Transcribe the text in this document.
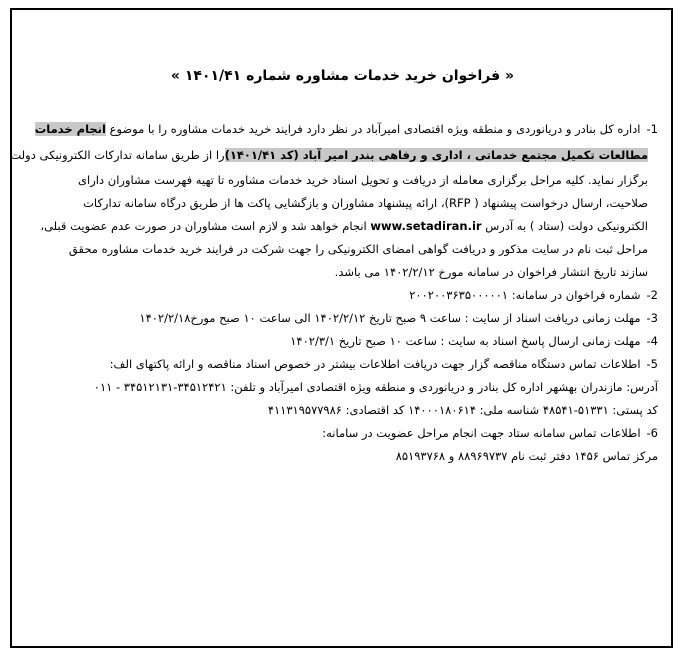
« فراخوان خرید خدمات مشاوره شماره ۱۴۰۱/۴۱ »
1-اداره کل بنادر و دریانوردی و منطقه ویژه اقتصادی امیرآباد در نظر دارد فرایند خرید خدمات مشاوره را با موضوع انجام خدمات
مطالعات تکمیل مجتمع خدماتی ، اداری و رفاهی بندر امیر آباد (کد ۱۴۰۱/۴۱)را از طریق سامانه تدارکات الکترونیکی دولت
برگزار نماید. کلیه مراحل برگزاری معامله از دریافت و تحویل اسناد خرید خدمات مشاوره تا تهیه فهرست مشاوران دارای
صلاحیت، ارسال درخواست پیشنهاد ( RFP)، ارائه پیشنهاد مشاوران و بازگشایی پاکت ها از طریق درگاه سامانه تدارکات
الکترونیکی دولت (ستاد ) به آدرس www.setadiran.ir انجام خواهد شد و لازم است مشاوران در صورت عدم عضویت قبلی،
مراحل ثبت نام در سایت مذکور و دریافت گواهی امضای الکترونیکی را جهت شرکت در فرایند خرید خدمات مشاوره محقق
سازند تاریخ انتشار فراخوان در سامانه مورخ ۱۴۰۲/۲/۱۲ می باشد.
2-شماره فراخوان در سامانه: ۲۰۰۲۰۰۳۶۳۵۰۰۰۰۰۱
3-مهلت زمانی دریافت اسناد از سایت : ساعت ۹ صبح تاریخ ۱۴۰۲/۲/۱۲ الی ساعت ۱۰ صبح مورخ۱۴۰۲/۲/۱۸
4-مهلت زمانی ارسال پاسخ اسناد به سایت : ساعت ۱۰ صبح تاریخ ۱۴۰۲/۳/۱
5-اطلاعات تماس دستگاه مناقصه گزار جهت دریافت اطلاعات بیشتر در خصوص اسناد مناقصه و ارائه پاکتهای الف:
آدرس: مازندران بهشهر اداره کل بنادر و دریانوردی و منطقه ویژه اقتصادی امیرآباد و تلفن: ۳۴۵۱۲۴۲۱-۳۴۵۱۲۱۳۱ - ۰۱۱
کد پستی: ۵۱۳۳۱-۴۸۵۴۱ شناسه ملی: ۱۴۰۰۰۱۸۰۶۱۴ کد اقتصادی: ۴۱۱۳۱۹۵۷۷۹۸۶
6-اطلاعات تماس سامانه ستاد جهت انجام مراحل عضویت در سامانه:
مرکز تماس ۱۴۵۶ دفتر ثبت نام ۸۸۹۶۹۷۳۷ و ۸۵۱۹۳۷۶۸
